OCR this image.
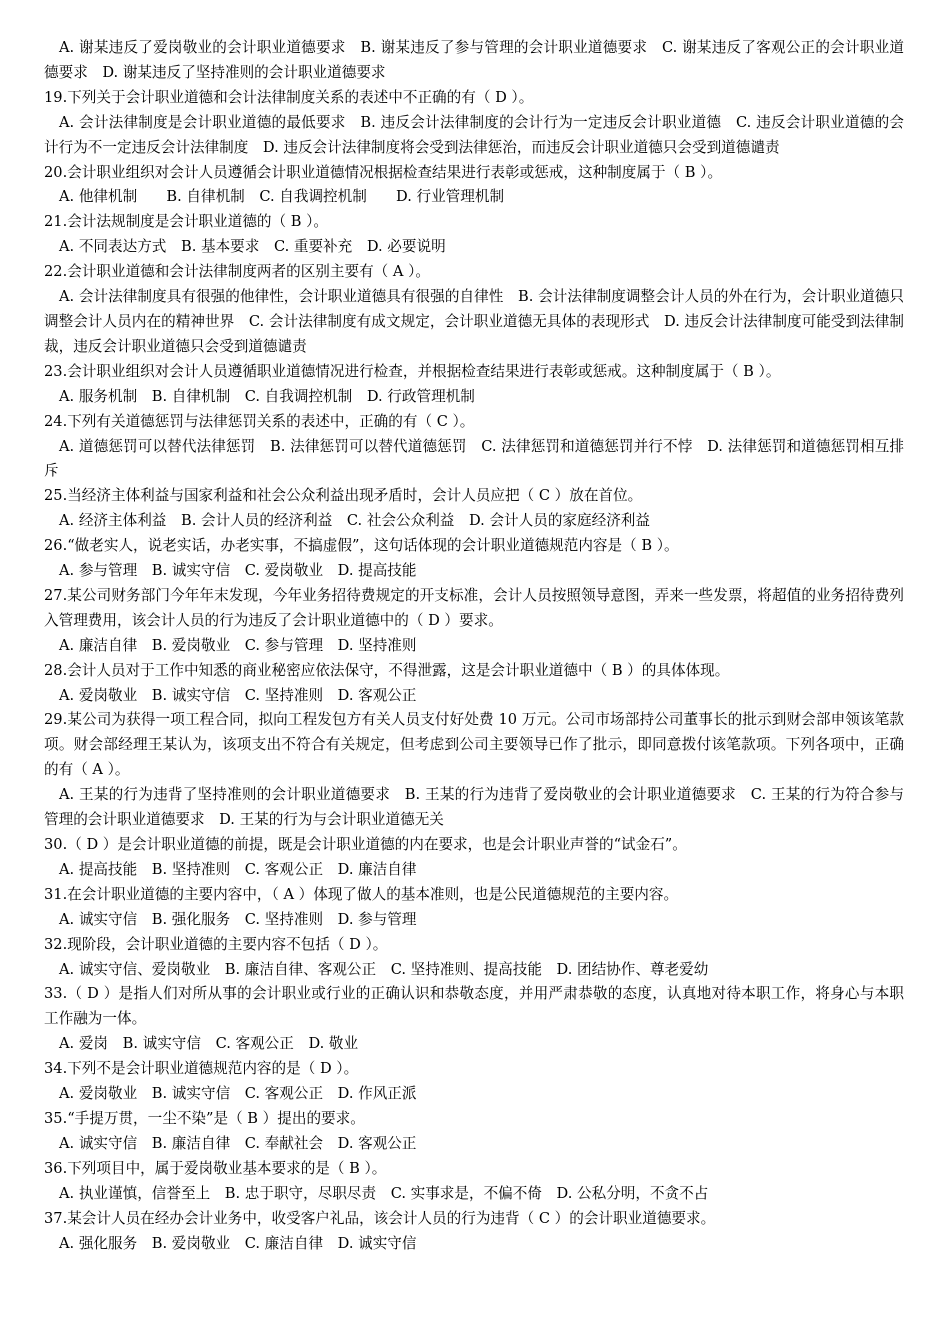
A. 谢某违反了爱岗敬业的会计职业道德要求　B. 谢某违反了参与管理的会计职业道德要求　C. 谢某违反了客观公正的会计职业道德要求　D. 谢某违反了坚持准则的会计职业道德要求

19.下列关于会计职业道德和会计法律制度关系的表述中不正确的有（ D ）。

A. 会计法律制度是会计职业道德的最低要求　B. 违反会计法律制度的会计行为一定违反会计职业道德　C. 违反会计职业道德的会计行为不一定违反会计法律制度　D. 违反会计法律制度将会受到法律惩治，而违反会计职业道德只会受到道德谴责

20.会计职业组织对会计人员遵循会计职业道德情况根据检查结果进行表彰或惩戒，这种制度属于（ B ）。

A. 他律机制　　B. 自律机制　C. 自我调控机制　　D. 行业管理机制

21.会计法规制度是会计职业道德的（ B ）。

A. 不同表达方式　B. 基本要求　C. 重要补充　D. 必要说明

22.会计职业道德和会计法律制度两者的区别主要有（ A ）。

A. 会计法律制度具有很强的他律性，会计职业道德具有很强的自律性　B. 会计法律制度调整会计人员的外在行为，会计职业道德只调整会计人员内在的精神世界　C. 会计法律制度有成文规定，会计职业道德无具体的表现形式　D. 违反会计法律制度可能受到法律制裁，违反会计职业道德只会受到道德谴责

23.会计职业组织对会计人员遵循职业道德情况进行检查，并根据检查结果进行表彰或惩戒。这种制度属于（ B ）。

A. 服务机制　B. 自律机制　C. 自我调控机制　D. 行政管理机制

24.下列有关道德惩罚与法律惩罚关系的表述中，正确的有（ C ）。

A. 道德惩罚可以替代法律惩罚　B. 法律惩罚可以替代道德惩罚　C. 法律惩罚和道德惩罚并行不悖　D. 法律惩罚和道德惩罚相互排斥

25.当经济主体利益与国家利益和社会公众利益出现矛盾时，会计人员应把（ C ）放在首位。

A. 经济主体利益　B. 会计人员的经济利益　C. 社会公众利益　D. 会计人员的家庭经济利益

26.“做老实人，说老实话，办老实事，不搞虚假”，这句话体现的会计职业道德规范内容是（ B ）。

A. 参与管理　B. 诚实守信　C. 爱岗敬业　D. 提高技能

27.某公司财务部门今年年末发现，今年业务招待费规定的开支标准，会计人员按照领导意图，弄来一些发票，将超值的业务招待费列入管理费用，该会计人员的行为违反了会计职业道德中的（ D ）要求。

A. 廉洁自律　B. 爱岗敬业　C. 参与管理　D. 坚持准则

28.会计人员对于工作中知悉的商业秘密应依法保守，不得泄露，这是会计职业道德中（ B ）的具体体现。

A. 爱岗敬业　B. 诚实守信　C. 坚持准则　D. 客观公正

29.某公司为获得一项工程合同，拟向工程发包方有关人员支付好处费 10 万元。公司市场部持公司董事长的批示到财会部申领该笔款项。财会部经理王某认为，该项支出不符合有关规定，但考虑到公司主要领导已作了批示，即同意拨付该笔款项。下列各项中，正确的有（ A ）。

A. 王某的行为违背了坚持准则的会计职业道德要求　B. 王某的行为违背了爱岗敬业的会计职业道德要求　C. 王某的行为符合参与管理的会计职业道德要求　D. 王某的行为与会计职业道德无关

30.（ D ）是会计职业道德的前提，既是会计职业道德的内在要求，也是会计职业声誉的“试金石”。

A. 提高技能　B. 坚持准则　C. 客观公正　D. 廉洁自律

31.在会计职业道德的主要内容中，（ A ）体现了做人的基本准则，也是公民道德规范的主要内容。

A. 诚实守信　B. 强化服务　C. 坚持准则　D. 参与管理

32.现阶段，会计职业道德的主要内容不包括（ D ）。

A. 诚实守信、爱岗敬业　B. 廉洁自律、客观公正　C. 坚持准则、提高技能　D. 团结协作、尊老爱幼

33.（ D ）是指人们对所从事的会计职业或行业的正确认识和恭敬态度，并用严肃恭敬的态度，认真地对待本职工作，将身心与本职工作融为一体。

A. 爱岗　B. 诚实守信　C. 客观公正　D. 敬业

34.下列不是会计职业道德规范内容的是（ D ）。

A. 爱岗敬业　B. 诚实守信　C. 客观公正　D. 作风正派

35.“手提万贯，一尘不染”是（ B ）提出的要求。

A. 诚实守信　B. 廉洁自律　C. 奉献社会　D. 客观公正

36.下列项目中，属于爱岗敬业基本要求的是（ B ）。

A. 执业谨慎，信誉至上　B. 忠于职守，尽职尽责　C. 实事求是，不偏不倚　D. 公私分明，不贪不占

37.某会计人员在经办会计业务中，收受客户礼品，该会计人员的行为违背（ C ）的会计职业道德要求。

A. 强化服务　B. 爱岗敬业　C. 廉洁自律　D. 诚实守信
